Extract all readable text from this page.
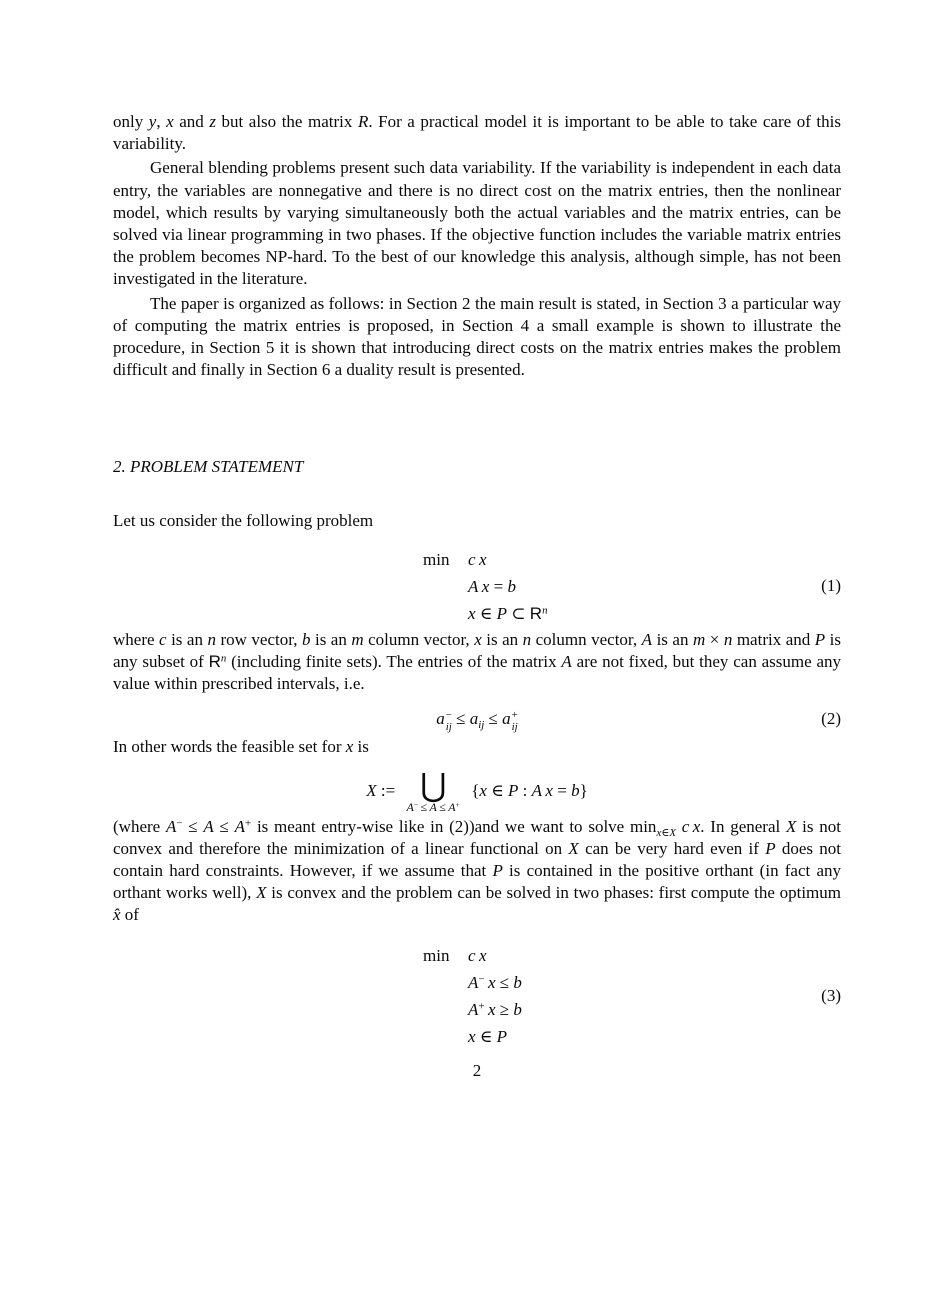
only y, x and z but also the matrix R. For a practical model it is important to be able to take care of this variability.

General blending problems present such data variability. If the variability is independent in each data entry, the variables are nonnegative and there is no direct cost on the matrix entries, then the nonlinear model, which results by varying simultaneously both the actual variables and the matrix entries, can be solved via linear programming in two phases. If the objective function includes the variable matrix entries the problem becomes NP-hard. To the best of our knowledge this analysis, although simple, has not been investigated in the literature.

The paper is organized as follows: in Section 2 the main result is stated, in Section 3 a particular way of computing the matrix entries is proposed, in Section 4 a small example is shown to illustrate the procedure, in Section 5 it is shown that introducing direct costs on the matrix entries makes the problem difficult and finally in Section 6 a duality result is presented.

2. PROBLEM STATEMENT

Let us consider the following problem

min c x
A x = b
x ∈ P ⊂ $R^n$
(1)

where c is an n row vector, b is an m column vector, x is an n column vector, A is an m × n matrix and P is any subset of $R^n$ (including finite sets). The entries of the matrix A are not fixed, but they can assume any value within prescribed intervals, i.e.

a −
ij ≤ $a_{ij} \le a$ +
ij	(2)

In other words the feasible set for x is

X := ⋃
A− ≤ A ≤ A+
{x ∈ P : A x = b}

(where A− ≤ A ≤ A+ is meant entry-wise like in (2))and we want to solve $\min_{x\in X} c$ x. In general X is not convex and therefore the minimization of a linear functional on X can be very hard even if P does not contain hard constraints. However, if we assume that P is contained in the positive orthant (in fact any orthant works well), X is convex and the problem can be solved in two phases: first compute the optimum x̂ of

min c x
A−  x ≤ b
A+  x ≥ b
x ∈ P
(3)
2
